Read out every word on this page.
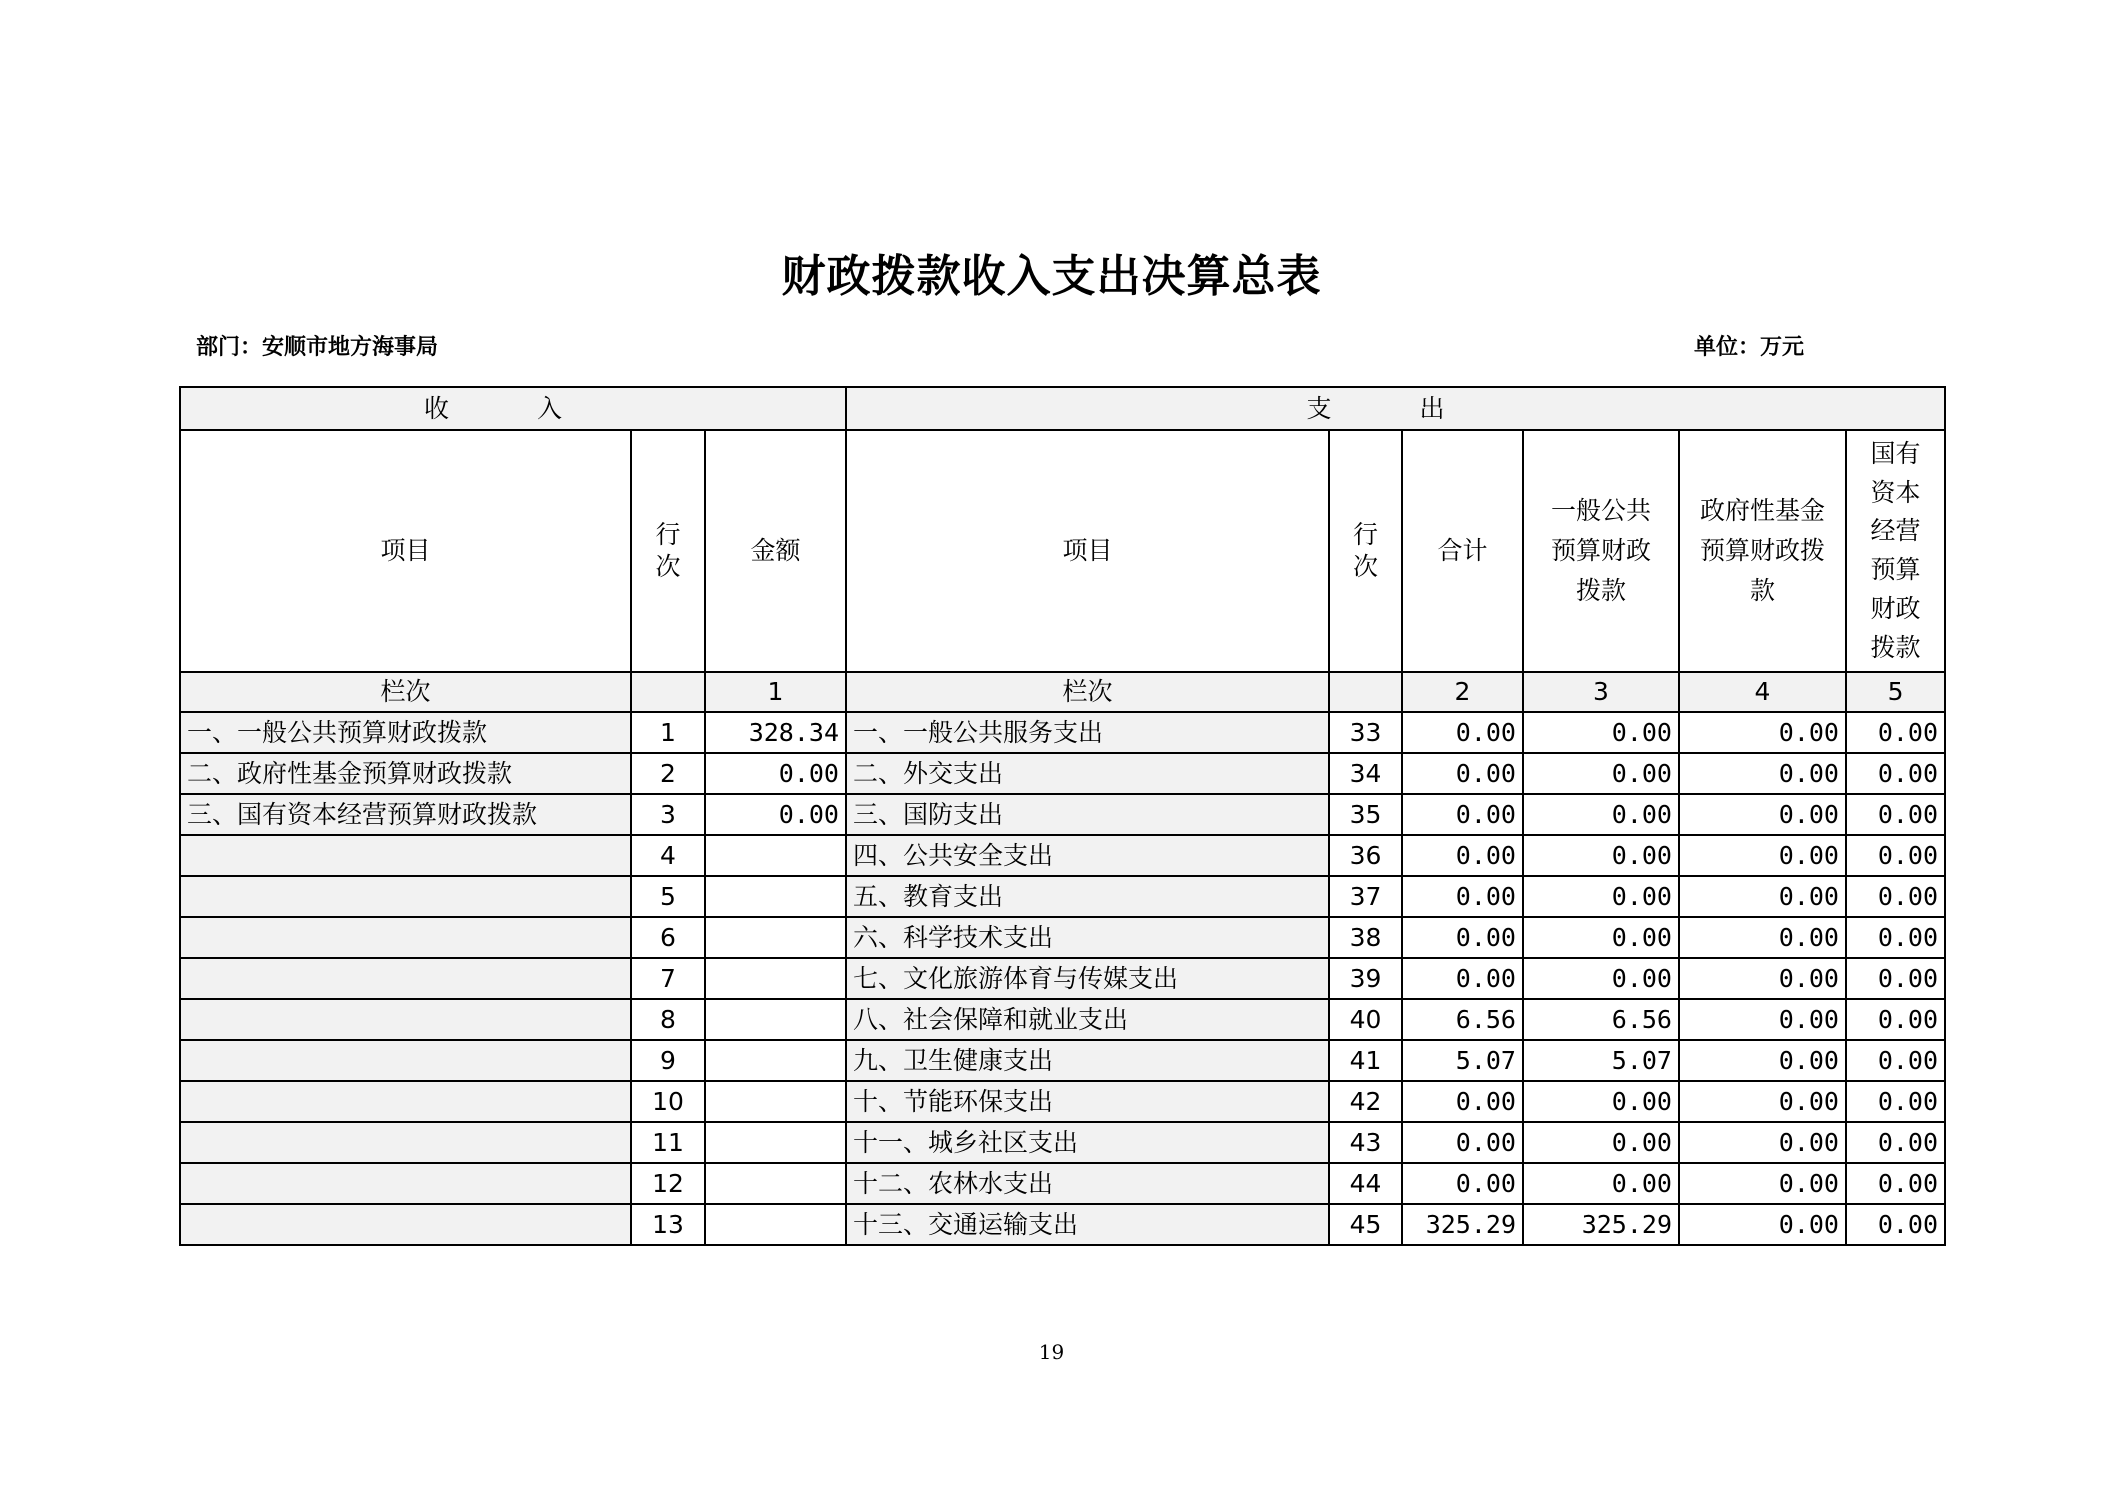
财政拨款收入支出决算总表
部门：安顺市地方海事局	单位：万元
收 入			支 出					
项目	行次	金额	项目	行次	合计	一般公共预算财政拨款	政府性基金预算财政拨款	国有资本经营预算财政拨款
栏次		1	栏次		2	3	4	5
一、一般公共预算财政拨款	1	328.34	一、一般公共服务支出	33	0.00	0.00	0.00	0.00
二、政府性基金预算财政拨款	2	0.00	二、外交支出	34	0.00	0.00	0.00	0.00
三、国有资本经营预算财政拨款	3	0.00	三、国防支出	35	0.00	0.00	0.00	0.00
	4		四、公共安全支出	36	0.00	0.00	0.00	0.00
	5		五、教育支出	37	0.00	0.00	0.00	0.00
	6		六、科学技术支出	38	0.00	0.00	0.00	0.00
	7		七、文化旅游体育与传媒支出	39	0.00	0.00	0.00	0.00
	8		八、社会保障和就业支出	40	6.56	6.56	0.00	0.00
	9		九、卫生健康支出	41	5.07	5.07	0.00	0.00
	10		十、节能环保支出	42	0.00	0.00	0.00	0.00
	11		十一、城乡社区支出	43	0.00	0.00	0.00	0.00
	12		十二、农林水支出	44	0.00	0.00	0.00	0.00
	13		十三、交通运输支出	45	325.29	325.29	0.00	0.00
19
